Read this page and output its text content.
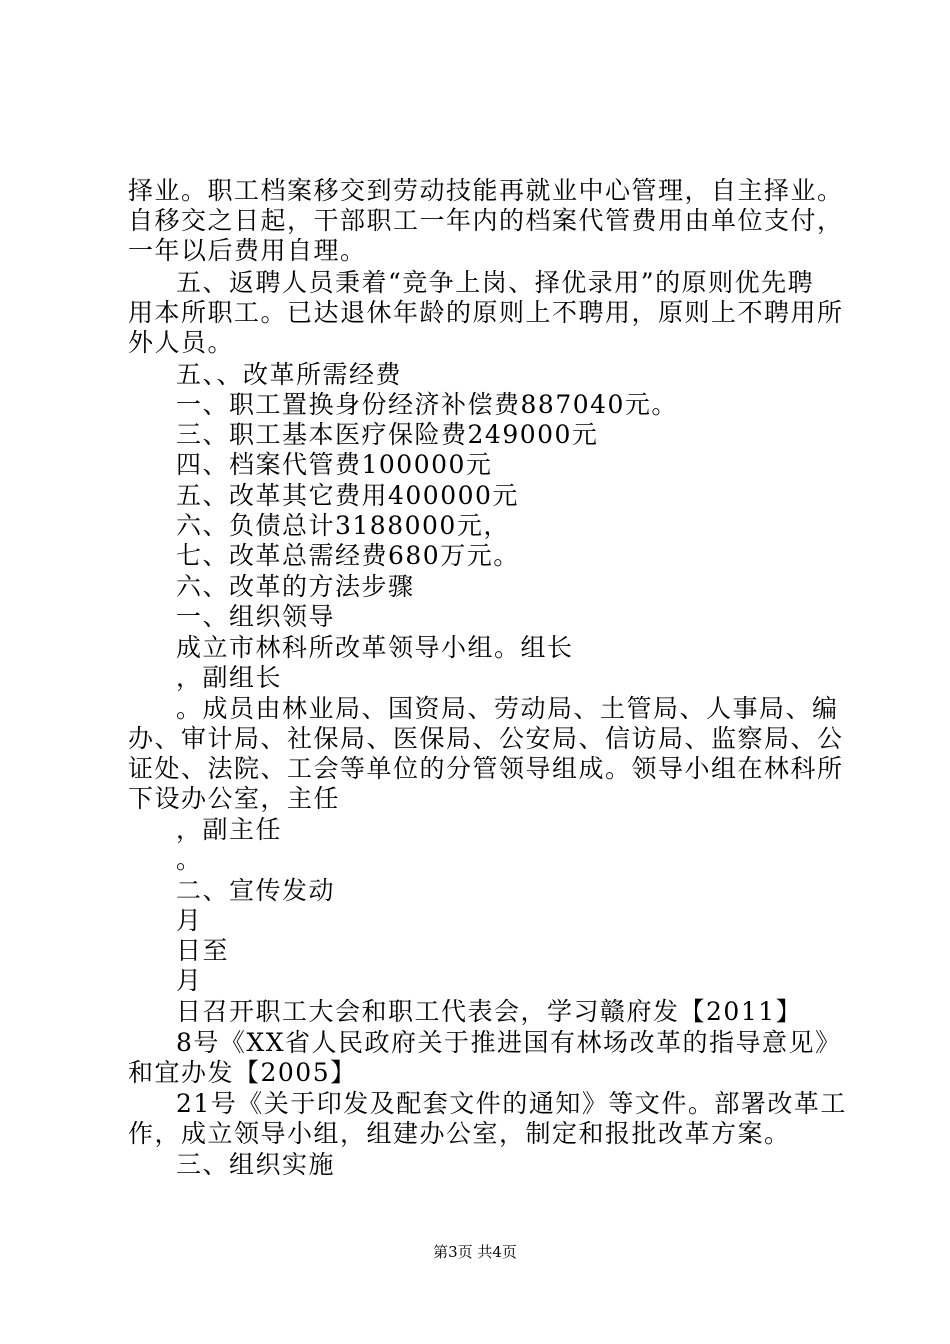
择业。职工档案移交到劳动技能再就业中心管理，自主择业。
自移交之日起，干部职工一年内的档案代管费用由单位支付，
一年以后费用自理。
五、返聘人员秉着“竞争上岗、择优录用”的原则优先聘
用本所职工。已达退休年龄的原则上不聘用，原则上不聘用所
外人员。
五、、改革所需经费
一、职工置换身份经济补偿费887040元。
三、职工基本医疗保险费249000元
四、档案代管费100000元
五、改革其它费用400000元
六、负债总计3188000元，
七、改革总需经费680万元。
六、改革的方法步骤
一、组织领导
成立市林科所改革领导小组。组长
，副组长
。成员由林业局、国资局、劳动局、土管局、人事局、编
办、审计局、社保局、医保局、公安局、信访局、监察局、公
证处、法院、工会等单位的分管领导组成。领导小组在林科所
下设办公室，主任
，副主任
。
二、宣传发动
月
日至
月
日召开职工大会和职工代表会，学习赣府发【2011】
8号《XX省人民政府关于推进国有林场改革的指导意见》
和宜办发【2005】
21号《关于印发及配套文件的通知》等文件。部署改革工
作，成立领导小组，组建办公室，制定和报批改革方案。
三、组织实施
第3页 共4页
